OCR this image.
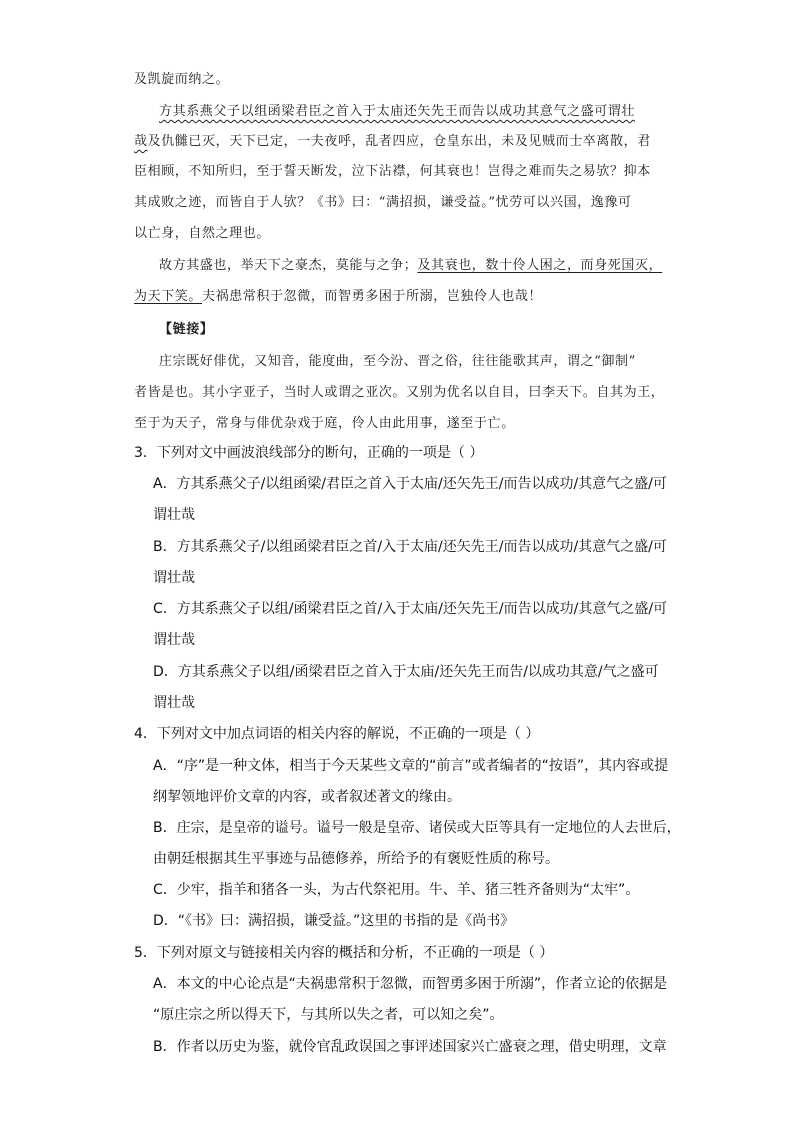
及凯旋而纳之。
方其系燕父子以组函梁君臣之首入于太庙还矢先王而告以成功其意气之盛可谓壮
哉及仇雠已灭，天下已定，一夫夜呼，乱者四应，仓皇东出，未及见贼而士卒离散，君
臣相顾，不知所归，至于誓天断发，泣下沾襟，何其衰也！岂得之难而失之易欤？抑本
其成败之迹，而皆自于人欤？《书》曰：“满招损，谦受益。”忧劳可以兴国，逸豫可
以亡身，自然之理也。
故方其盛也，举天下之豪杰，莫能与之争；及其衰也，数十伶人困之，而身死国灭，
为天下笑。夫祸患常积于忽微，而智勇多困于所溺，岂独伶人也哉！
【链接】
庄宗既好俳优，又知音，能度曲，至今汾、晋之俗，往往能歌其声，谓之“御制”
者皆是也。其小字亚子，当时人或谓之亚次。又别为优名以自目，曰李天下。自其为王，
至于为天子，常身与俳优杂戏于庭，伶人由此用事，遂至于亡。
3．下列对文中画波浪线部分的断句，正确的一项是（ ）
A．方其系燕父子/以组函梁/君臣之首入于太庙/还矢先王/而告以成功/其意气之盛/可
谓壮哉
B．方其系燕父子/以组函梁君臣之首/入于太庙/还矢先王/而告以成功/其意气之盛/可
谓壮哉
C．方其系燕父子以组/函梁君臣之首/入于太庙/还矢先王/而告以成功/其意气之盛/可
谓壮哉
D．方其系燕父子以组/函梁君臣之首入于太庙/还矢先王而告/以成功其意/气之盛可
谓壮哉
4．下列对文中加点词语的相关内容的解说，不正确的一项是（ ）
A．“序”是一种文体，相当于今天某些文章的“前言”或者编者的“按语”，其内容或提
纲挈领地评价文章的内容，或者叙述著文的缘由。
B．庄宗，是皇帝的谥号。谥号一般是皇帝、诸侯或大臣等具有一定地位的人去世后，
由朝廷根据其生平事迹与品德修养，所给予的有褒贬性质的称号。
C．少牢，指羊和猪各一头，为古代祭祀用。牛、羊、猪三牲齐备则为“太牢”。
D．“《书》曰：满招损，谦受益。”这里的书指的是《尚书》
5．下列对原文与链接相关内容的概括和分析，不正确的一项是（ ）
A．本文的中心论点是“夫祸患常积于忽微，而智勇多困于所溺”，作者立论的依据是
“原庄宗之所以得天下，与其所以失之者，可以知之矣”。
B．作者以历史为鉴，就伶官乱政误国之事评述国家兴亡盛衰之理，借史明理，文章
